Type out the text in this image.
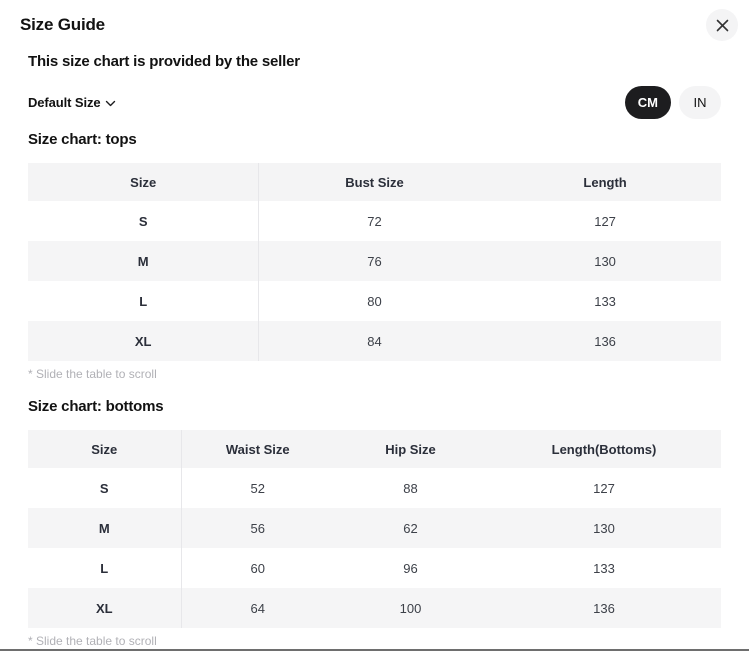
Size Guide
This size chart is provided by the seller
Default Size	CM	IN
Size chart: tops
Size	Bust Size	Length
S	72	127
M	76	130
L	80	133
XL	84	136

* Slide the table to scroll

Size chart: bottoms
Size	Waist Size	Hip Size	Length(Bottoms)
S	52	88	127
M	56	62	130
L	60	96	133
XL	64	100	136

* Slide the table to scroll
